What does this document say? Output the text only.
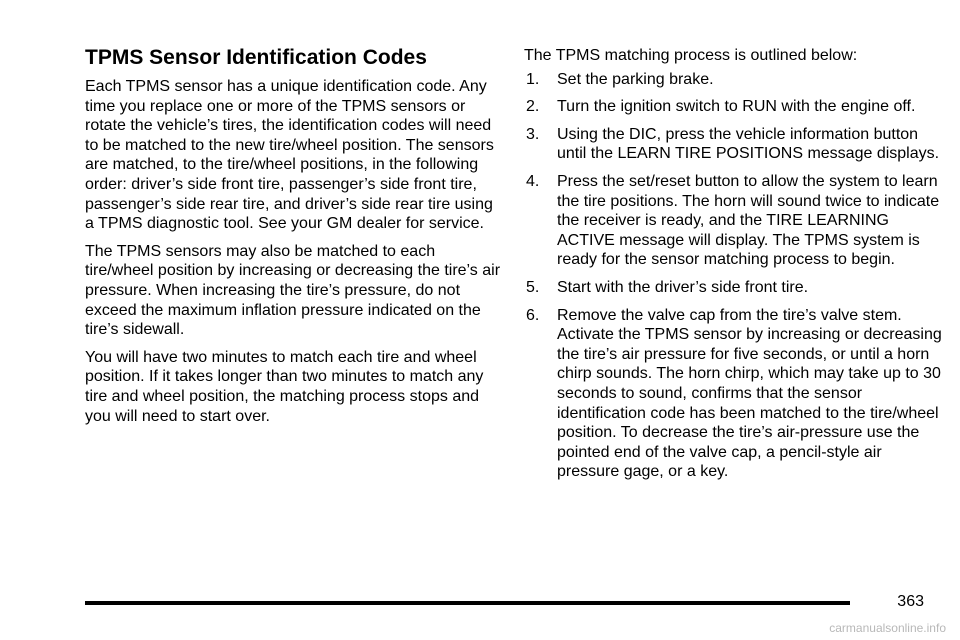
TPMS Sensor Identification Codes

Each TPMS sensor has a unique identification code. Any time you replace one or more of the TPMS sensors or rotate the vehicle’s tires, the identification codes will need to be matched to the new tire/wheel position. The sensors are matched, to the tire/wheel positions, in the following order: driver’s side front tire, passenger’s side front tire, passenger’s side rear tire, and driver’s side rear tire using a TPMS diagnostic tool. See your GM dealer for service.

The TPMS sensors may also be matched to each tire/wheel position by increasing or decreasing the tire’s air pressure. When increasing the tire’s pressure, do not exceed the maximum inflation pressure indicated on the tire’s sidewall.

You will have two minutes to match each tire and wheel position. If it takes longer than two minutes to match any tire and wheel position, the matching process stops and you will need to start over.

The TPMS matching process is outlined below:

1. Set the parking brake.
2. Turn the ignition switch to RUN with the engine off.
3. Using the DIC, press the vehicle information button until the LEARN TIRE POSITIONS message displays.
4. Press the set/reset button to allow the system to learn the tire positions. The horn will sound twice to indicate the receiver is ready, and the TIRE LEARNING ACTIVE message will display. The TPMS system is ready for the sensor matching process to begin.
5. Start with the driver’s side front tire.
6. Remove the valve cap from the tire’s valve stem. Activate the TPMS sensor by increasing or decreasing the tire’s air pressure for five seconds, or until a horn chirp sounds. The horn chirp, which may take up to 30 seconds to sound, confirms that the sensor identification code has been matched to the tire/wheel position. To decrease the tire’s air-pressure use the pointed end of the valve cap, a pencil-style air pressure gage, or a key.
363
carmanualsonline.info
